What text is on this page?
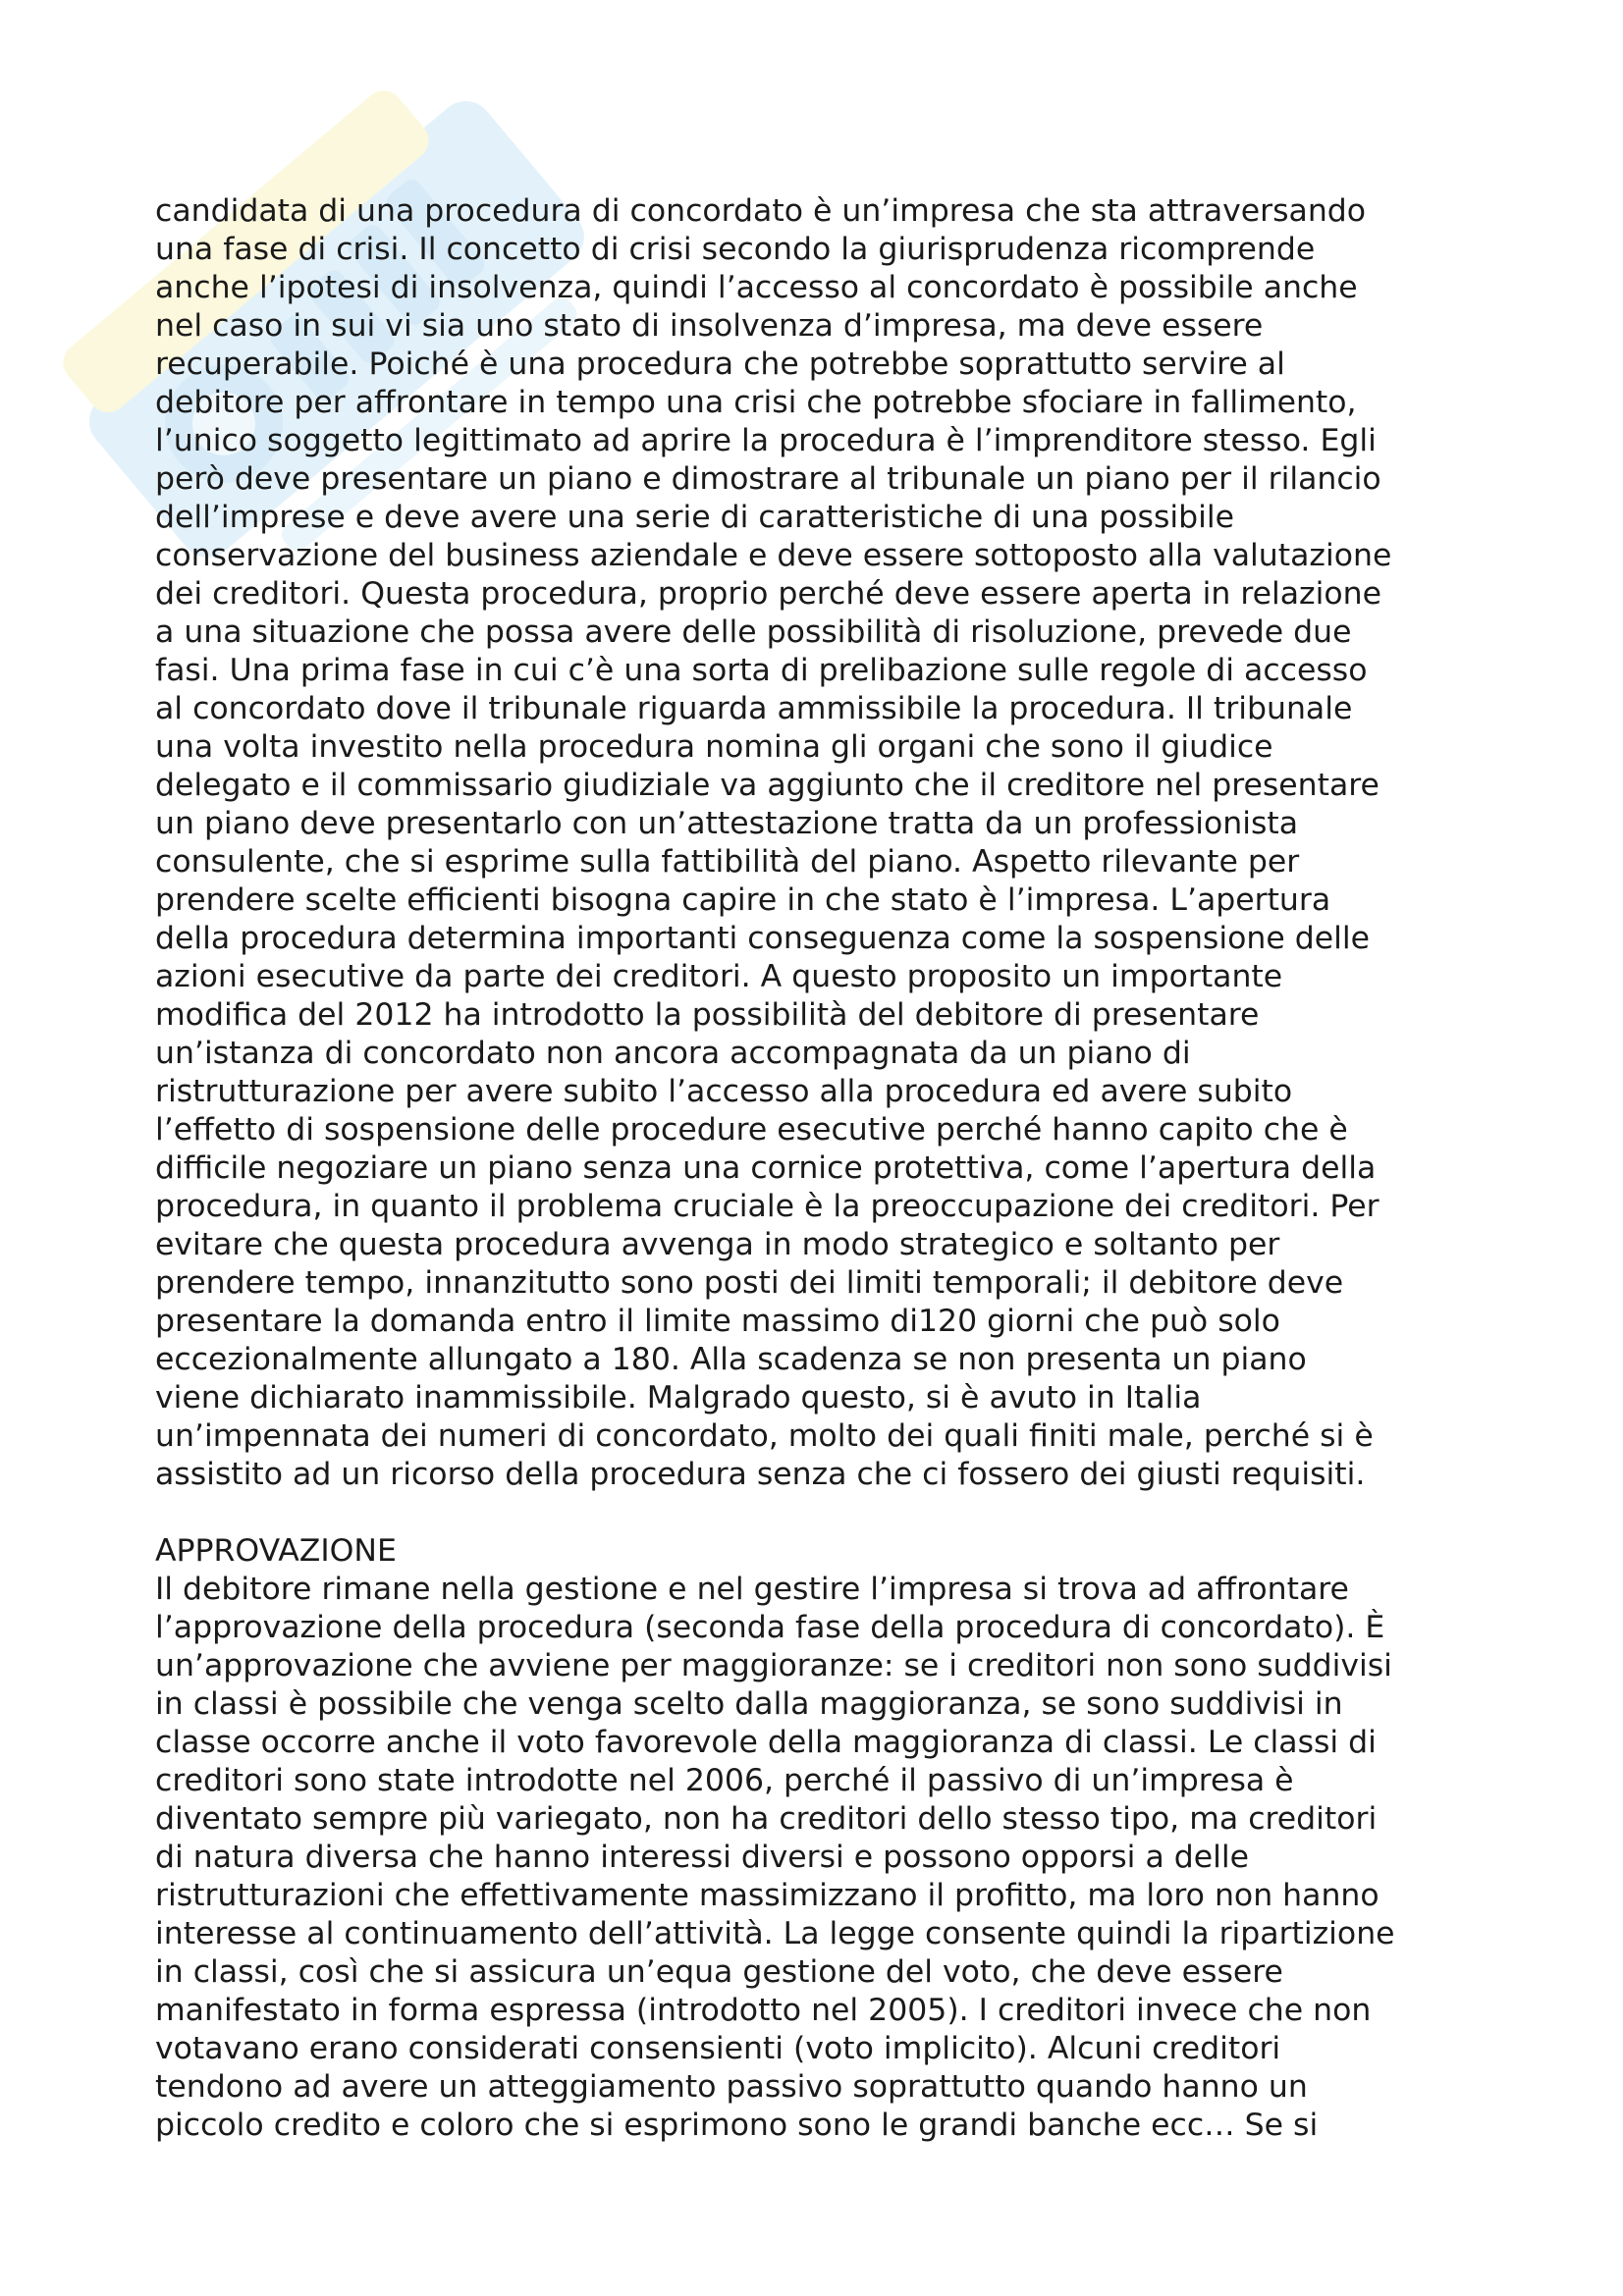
candidata di una procedura di concordato è un’impresa che sta attraversando

una fase di crisi. Il concetto di crisi secondo la giurisprudenza ricomprende

anche l’ipotesi di insolvenza, quindi l’accesso al concordato è possibile anche

nel caso in sui vi sia uno stato di insolvenza d’impresa, ma deve essere

recuperabile. Poiché è una procedura che potrebbe soprattutto servire al

debitore per affrontare in tempo una crisi che potrebbe sfociare in fallimento,

l’unico soggetto legittimato ad aprire la procedura è l’imprenditore stesso. Egli

però deve presentare un piano e dimostrare al tribunale un piano per il rilancio

dell’imprese e deve avere una serie di caratteristiche di una possibile

conservazione del business aziendale e deve essere sottoposto alla valutazione

dei creditori. Questa procedura, proprio perché deve essere aperta in relazione

a una situazione che possa avere delle possibilità di risoluzione, prevede due

fasi. Una prima fase in cui c’è una sorta di prelibazione sulle regole di accesso

al concordato dove il tribunale riguarda ammissibile la procedura. Il tribunale

una volta investito nella procedura nomina gli organi che sono il giudice

delegato e il commissario giudiziale va aggiunto che il creditore nel presentare

un piano deve presentarlo con un’attestazione tratta da un professionista

consulente, che si esprime sulla fattibilità del piano. Aspetto rilevante per

prendere scelte efficienti bisogna capire in che stato è l’impresa. L’apertura

della procedura determina importanti conseguenza come la sospensione delle

azioni esecutive da parte dei creditori. A questo proposito un importante

modifica del 2012 ha introdotto la possibilità del debitore di presentare

un’istanza di concordato non ancora accompagnata da un piano di

ristrutturazione per avere subito l’accesso alla procedura ed avere subito

l’effetto di sospensione delle procedure esecutive perché hanno capito che è

difficile negoziare un piano senza una cornice protettiva, come l’apertura della

procedura, in quanto il problema cruciale è la preoccupazione dei creditori. Per

evitare che questa procedura avvenga in modo strategico e soltanto per

prendere tempo, innanzitutto sono posti dei limiti temporali; il debitore deve

presentare la domanda entro il limite massimo di120 giorni che può solo

eccezionalmente allungato a 180. Alla scadenza se non presenta un piano

viene dichiarato inammissibile. Malgrado questo, si è avuto in Italia

un’impennata dei numeri di concordato, molto dei quali finiti male, perché si è

assistito ad un ricorso della procedura senza che ci fossero dei giusti requisiti.

APPROVAZIONE

Il debitore rimane nella gestione e nel gestire l’impresa si trova ad affrontare

l’approvazione della procedura (seconda fase della procedura di concordato). È

un’approvazione che avviene per maggioranze: se i creditori non sono suddivisi

in classi è possibile che venga scelto dalla maggioranza, se sono suddivisi in

classe occorre anche il voto favorevole della maggioranza di classi. Le classi di

creditori sono state introdotte nel 2006, perché il passivo di un’impresa è

diventato sempre più variegato, non ha creditori dello stesso tipo, ma creditori

di natura diversa che hanno interessi diversi e possono opporsi a delle

ristrutturazioni che effettivamente massimizzano il profitto, ma loro non hanno

interesse al continuamento dell’attività. La legge consente quindi la ripartizione

in classi, così che si assicura un’equa gestione del voto, che deve essere

manifestato in forma espressa (introdotto nel 2005). I creditori invece che non

votavano erano considerati consensienti (voto implicito). Alcuni creditori

tendono ad avere un atteggiamento passivo soprattutto quando hanno un

piccolo credito e coloro che si esprimono sono le grandi banche ecc… Se si
